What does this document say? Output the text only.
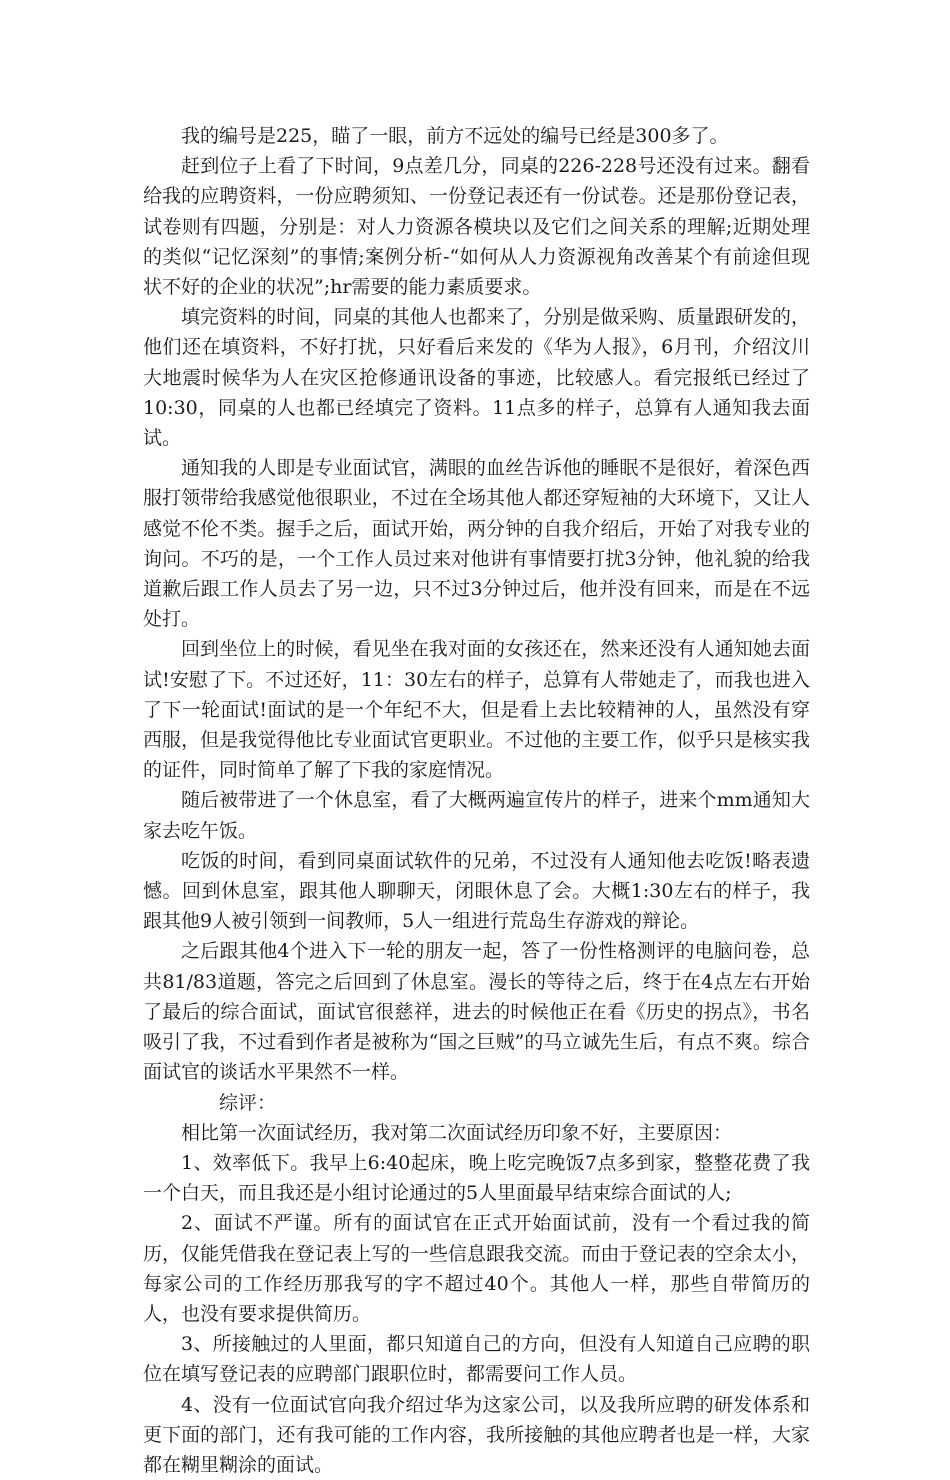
我的编号是225，瞄了一眼，前方不远处的编号已经是300多了。

赶到位子上看了下时间，9点差几分，同桌的226-228号还没有过来。翻看给我的应聘资料，一份应聘须知、一份登记表还有一份试卷。还是那份登记表，试卷则有四题，分别是：对人力资源各模块以及它们之间关系的理解;近期处理的类似“记忆深刻”的事情;案例分析-“如何从人力资源视角改善某个有前途但现状不好的企业的状况”;hr需要的能力素质要求。

填完资料的时间，同桌的其他人也都来了，分别是做采购、质量跟研发的，他们还在填资料，不好打扰，只好看后来发的《华为人报》，6月刊，介绍汶川大地震时候华为人在灾区抢修通讯设备的事迹，比较感人。看完报纸已经过了10:30，同桌的人也都已经填完了资料。11点多的样子，总算有人通知我去面试。

通知我的人即是专业面试官，满眼的血丝告诉他的睡眠不是很好，着深色西服打领带给我感觉他很职业，不过在全场其他人都还穿短袖的大环境下，又让人感觉不伦不类。握手之后，面试开始，两分钟的自我介绍后，开始了对我专业的询问。不巧的是，一个工作人员过来对他讲有事情要打扰3分钟，他礼貌的给我道歉后跟工作人员去了另一边，只不过3分钟过后，他并没有回来，而是在不远处打。

回到坐位上的时候，看见坐在我对面的女孩还在，然来还没有人通知她去面试!安慰了下。不过还好，11：30左右的样子，总算有人带她走了，而我也进入了下一轮面试!面试的是一个年纪不大，但是看上去比较精神的人，虽然没有穿西服，但是我觉得他比专业面试官更职业。不过他的主要工作，似乎只是核实我的证件，同时简单了解了下我的家庭情况。

随后被带进了一个休息室，看了大概两遍宣传片的样子，进来个mm通知大家去吃午饭。

吃饭的时间，看到同桌面试软件的兄弟，不过没有人通知他去吃饭!略表遗憾。回到休息室，跟其他人聊聊天，闭眼休息了会。大概1:30左右的样子，我跟其他9人被引领到一间教师，5人一组进行荒岛生存游戏的辩论。

之后跟其他4个进入下一轮的朋友一起，答了一份性格测评的电脑问卷，总共81/83道题，答完之后回到了休息室。漫长的等待之后，终于在4点左右开始了最后的综合面试，面试官很慈祥，进去的时候他正在看《历史的拐点》，书名吸引了我，不过看到作者是被称为“国之巨贼”的马立诚先生后，有点不爽。综合面试官的谈话水平果然不一样。

综评：

相比第一次面试经历，我对第二次面试经历印象不好，主要原因：

1、效率低下。我早上6:40起床，晚上吃完晚饭7点多到家，整整花费了我一个白天，而且我还是小组讨论通过的5人里面最早结束综合面试的人;

2、面试不严谨。所有的面试官在正式开始面试前，没有一个看过我的简历，仅能凭借我在登记表上写的一些信息跟我交流。而由于登记表的空余太小，每家公司的工作经历那我写的字不超过40个。其他人一样，那些自带简历的人，也没有要求提供简历。

3、所接触过的人里面，都只知道自己的方向，但没有人知道自己应聘的职位在填写登记表的应聘部门跟职位时，都需要问工作人员。

4、没有一位面试官向我介绍过华为这家公司，以及我所应聘的研发体系和更下面的部门，还有我可能的工作内容，我所接触的其他应聘者也是一样，大家都在糊里糊涂的面试。
